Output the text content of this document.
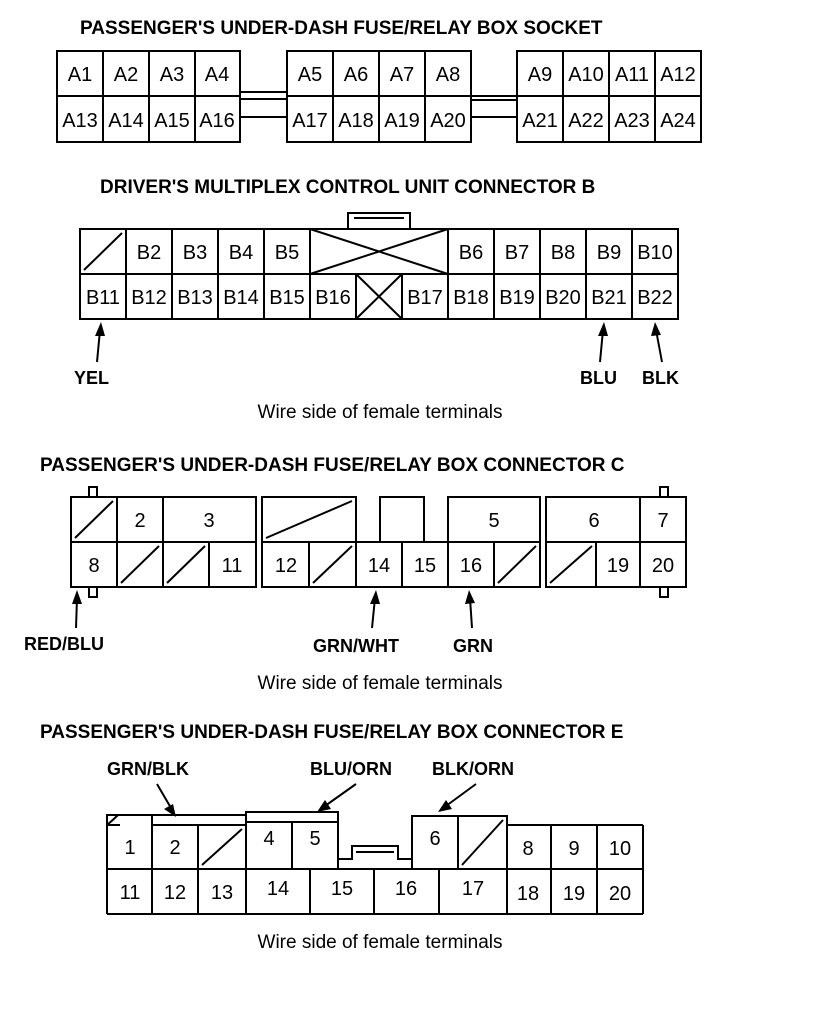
PASSENGER'S UNDER-DASH FUSE/RELAY BOX SOCKET
A1 A2 A3 A4
A13 A14 A15 A16
A5 A6 A7 A8
A17 A18 A19 A20
A9 A10 A11 A12
A21 A22 A23 A24
DRIVER'S MULTIPLEX CONTROL UNIT CONNECTOR B
B2 B3 B4 B5	B6 B7 B8 B9 B10
B11 B12 B13 B14 B15 B16	B17 B18 B19 B20 B21 B22
YEL	BLU BLK
Wire side of female terminals
PASSENGER'S UNDER-DASH FUSE/RELAY BOX CONNECTOR C
2	3	5	6	7
8	11 12	14 15 16	19 20
RED/BLU	GRN/WHT	GRN
Wire side of female terminals
PASSENGER'S UNDER-DASH FUSE/RELAY BOX CONNECTOR E
GRN/BLK	BLU/ORN BLK/ORN
1 2	4 5	6	8 9 10
11 12 13 14 15 16 17 18 19 20
Wire side of female terminals
